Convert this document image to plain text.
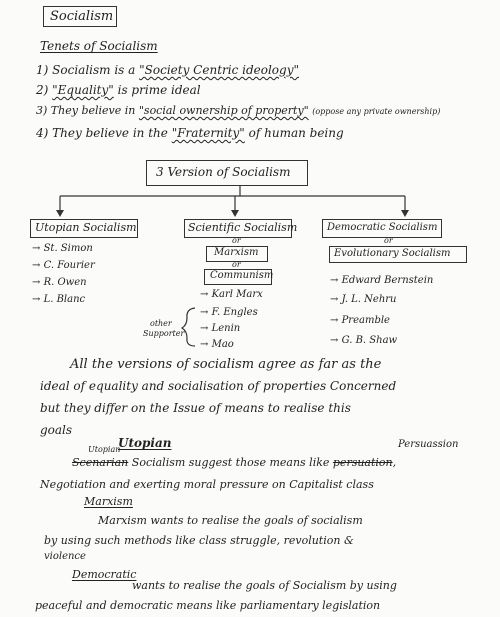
Socialism
Tenets of Socialism
1) Socialism is a "Society Centric ideology"
2) "Equality" is prime ideal
3) They believe in "social ownership of property" (oppose any private ownership)
4) They believe in the "Fraternity" of human being
3 Version of Socialism
Utopian Socialism
→ St. Simon
→ C. Fourier
→ R. Owen
→ L. Blanc
Scientific Socialism
or
Marxism
or
Communism
→ Karl Marx
→ F. Engles
→ Lenin
→ Mao
other
Supporter
Democratic Socialism
or
Evolutionary Socialism
→ Edward Bernstein
→ J. L. Nehru
→ Preamble
→ G. B. Shaw
All the versions of socialism agree as far as the
ideal of equality and socialisation of properties Concerned
but they differ on the Issue of means to realise this
goals
Utopian
Utopian	Persuassion
Scenarian Socialism suggest those means like persuation,
Negotiation and exerting moral pressure on Capitalist class
Marxism
Marxism wants to realise the goals of socialism
by using such methods like class struggle, revolution &
violence
Democratic
wants to realise the goals of Socialism by using
peaceful and democratic means like parliamentary legislation
